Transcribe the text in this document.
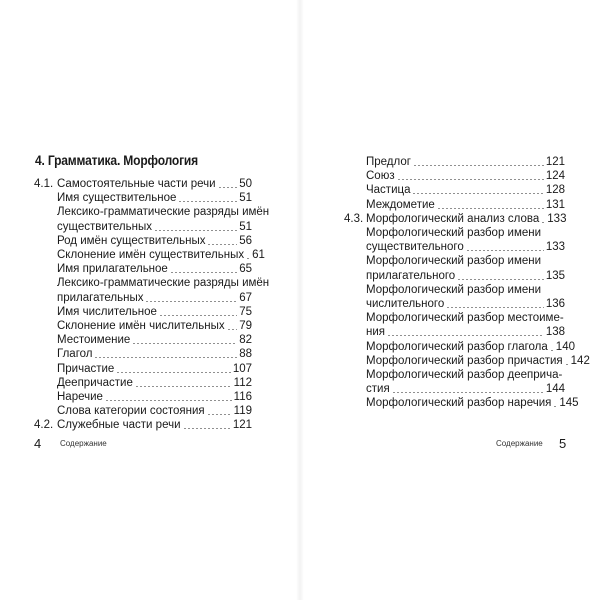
4. Грамматика. Морфология
4.1. Самостоятельные части речи 50
Имя существительное	51
Лексико-грамматические разряды имён
существительных	51
Род имён существительных	56
Склонение имён существительных 61
Имя прилагательное	65
Лексико-грамматические разряды имён
прилагательных	67
Имя числительное	75
Склонение имён числительных 79
Местоимение	82
Глагол	88
Причастие	107
Деепричастие	112
Наречие	116
Слова категории состояния	119
4.2. Служебные части речи	121
4 Содержание
Предлог	121
Союз	124
Частица	128
Междометие	131
4.3. Морфологический анализ слова 133
Морфологический разбор имени
существительного	133
Морфологический разбор имени
прилагательного	135
Морфологический разбор имени
числительного	136
Морфологический разбор местоиме-
ния	138
Морфологический разбор глагола 140
Морфологический разбор причастия 142
Морфологический разбор дееприча-
стия	144
Морфологический разбор наречия 145
Содержание 5
